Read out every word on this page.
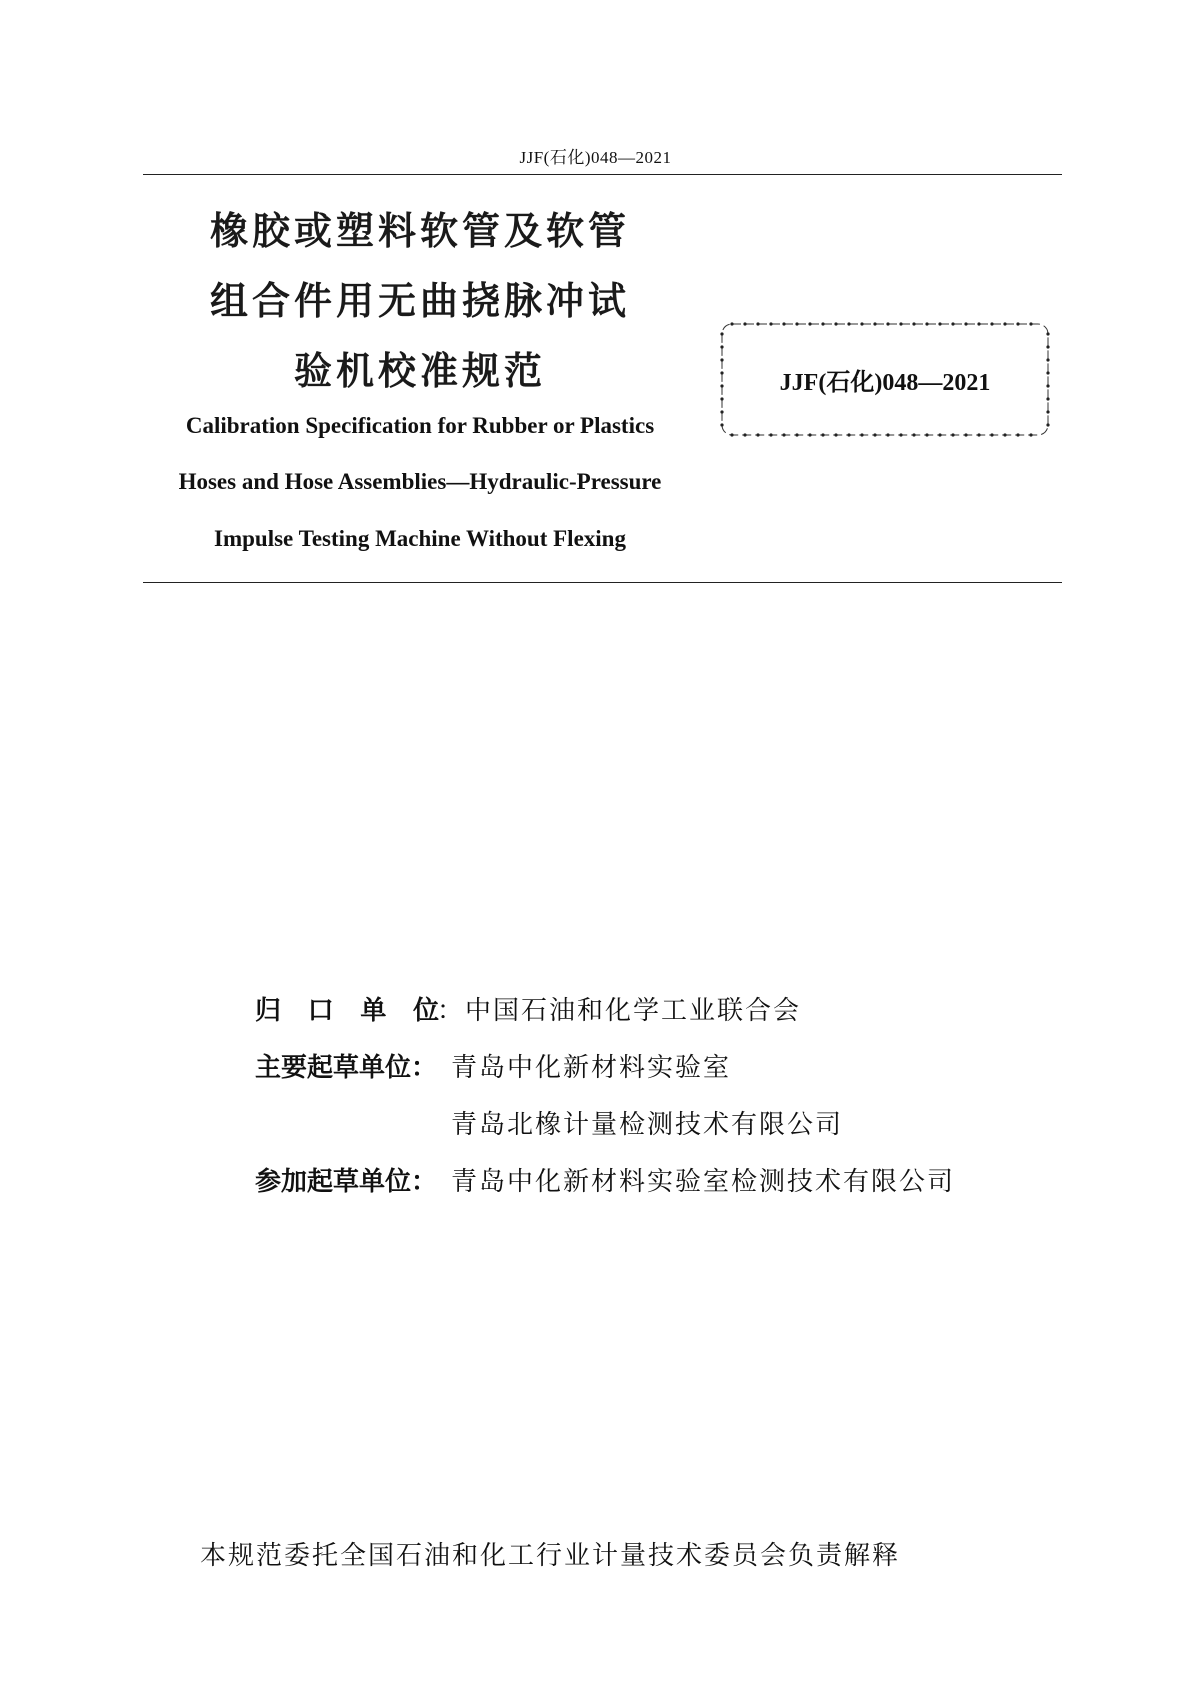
JJF(石化)048—2021
橡胶或塑料软管及软管
组合件用无曲挠脉冲试
验机校准规范
Calibration Specification for Rubber or Plastics
Hoses and Hose Assemblies—Hydraulic-Pressure
Impulse Testing Machine Without Flexing
JJF(石化)048—2021
归 口 单 位
： 中国石油和化学工业联合会
主要起草单位： 青岛中化新材料实验室
青岛北橡计量检测技术有限公司
参加起草单位： 青岛中化新材料实验室检测技术有限公司
本规范委托全国石油和化工行业计量技术委员会负责解释
